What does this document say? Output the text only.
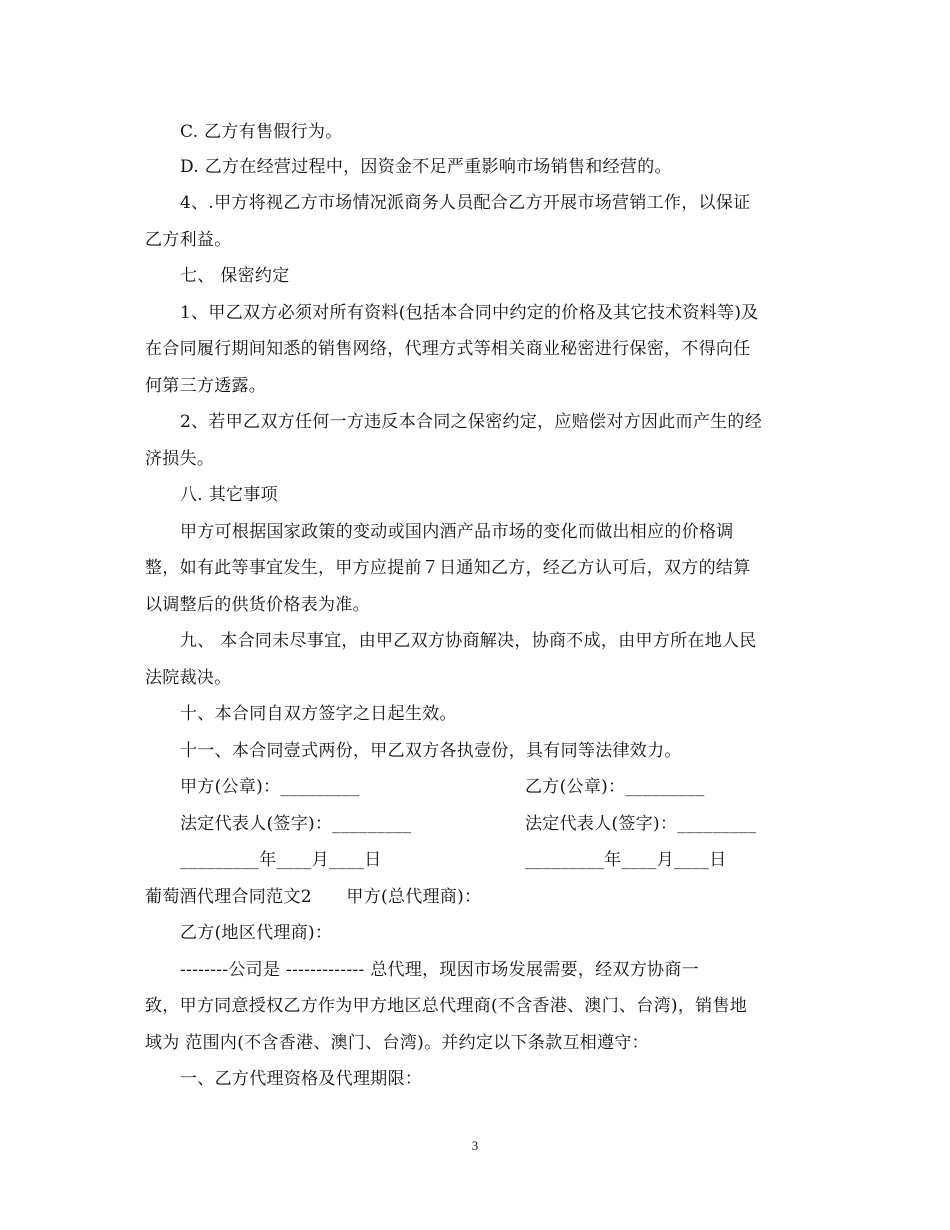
C. 乙方有售假行为。
D. 乙方在经营过程中，因资金不足严重影响市场销售和经营的。
4、.甲方将视乙方市场情况派商务人员配合乙方开展市场营销工作，以保证
乙方利益。
七、 保密约定
1、甲乙双方必须对所有资料(包括本合同中约定的价格及其它技术资料等)及
在合同履行期间知悉的销售网络，代理方式等相关商业秘密进行保密，不得向任
何第三方透露。
2、若甲乙双方任何一方违反本合同之保密约定，应赔偿对方因此而产生的经
济损失。
八. 其它事项
甲方可根据国家政策的变动或国内酒产品市场的变化而做出相应的价格调
整，如有此等事宜发生，甲方应提前７日通知乙方，经乙方认可后，双方的结算
以调整后的供货价格表为准。
九、 本合同未尽事宜，由甲乙双方协商解决，协商不成，由甲方所在地人民
法院裁决。
十、本合同自双方签字之日起生效。
十一、本合同壹式两份，甲乙双方各执壹份，具有同等法律效力。
甲方(公章)：_________	乙方(公章)：_________
法定代表人(签字)：_________	法定代表人(签字)：_________
_________年____月____日	_________年____月____日
葡萄酒代理合同范文2　　甲方(总代理商)：
乙方(地区代理商)：
--------公司是 ------------- 总代理，现因市场发展需要，经双方协商一
致，甲方同意授权乙方作为甲方地区总代理商(不含香港、澳门、台湾)，销售地
域为 范围内(不含香港、澳门、台湾)。并约定以下条款互相遵守：
一、乙方代理资格及代理期限：
3
